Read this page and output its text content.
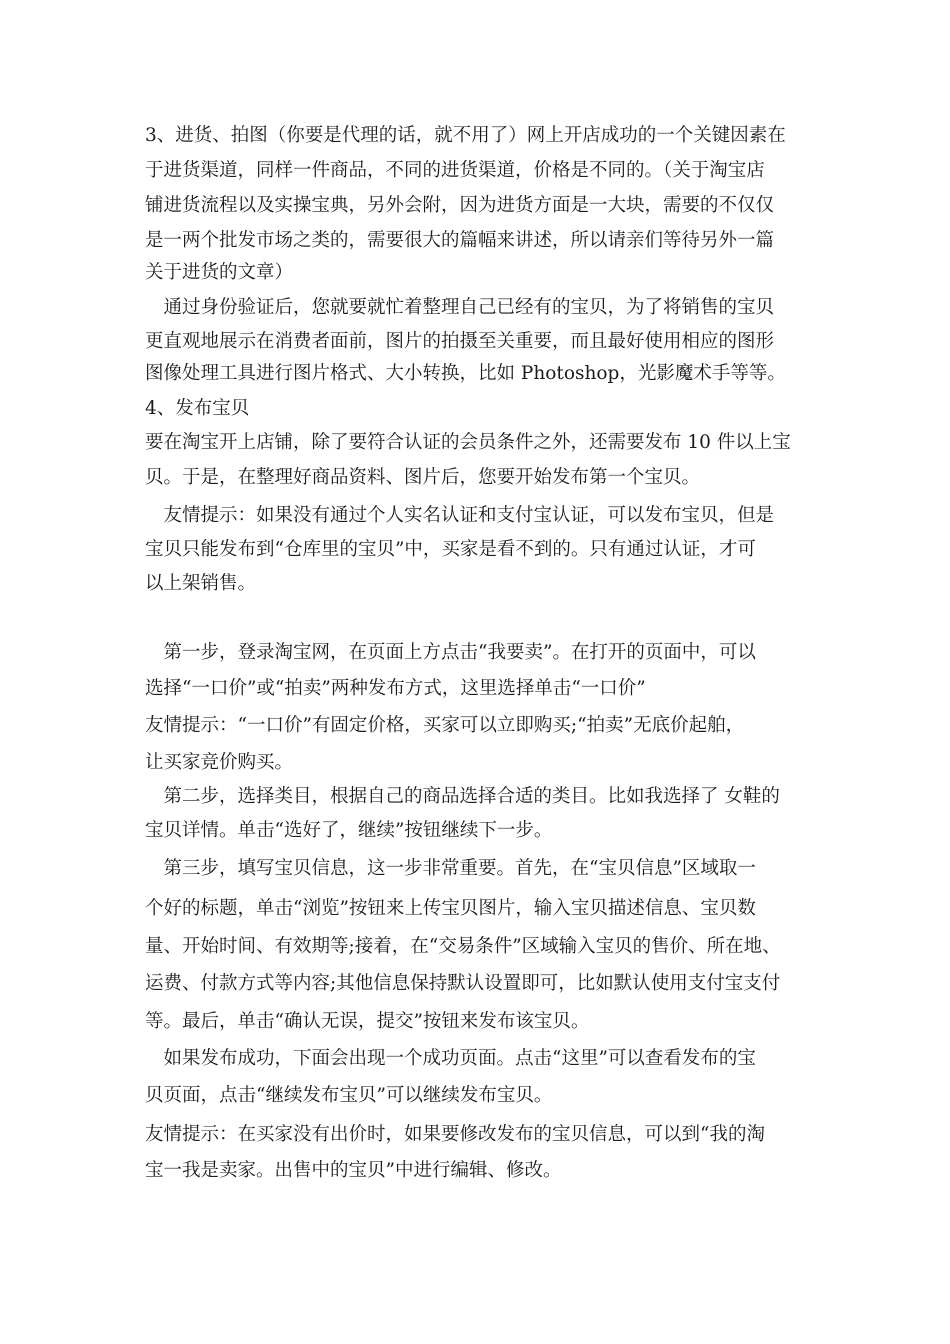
3、进货、拍图（你要是代理的话，就不用了）网上开店成功的一个关键因素在
于进货渠道，同样一件商品，不同的进货渠道，价格是不同的。（关于淘宝店
铺进货流程以及实操宝典，另外会附，因为进货方面是一大块，需要的不仅仅
是一两个批发市场之类的，需要很大的篇幅来讲述，所以请亲们等待另外一篇
关于进货的文章）
　通过身份验证后，您就要就忙着整理自己已经有的宝贝，为了将销售的宝贝
更直观地展示在消费者面前，图片的拍摄至关重要，而且最好使用相应的图形
图像处理工具进行图片格式、大小转换，比如 Photoshop，光影魔术手等等。
4、发布宝贝
要在淘宝开上店铺，除了要符合认证的会员条件之外，还需要发布 10 件以上宝
贝。于是，在整理好商品资料、图片后，您要开始发布第一个宝贝。
　友情提示：如果没有通过个人实名认证和支付宝认证，可以发布宝贝，但是
宝贝只能发布到“仓库里的宝贝”中，买家是看不到的。只有通过认证，才可
以上架销售。
　第一步，登录淘宝网，在页面上方点击“我要卖”。在打开的页面中，可以
选择“一口价”或“拍卖”两种发布方式，这里选择单击“一口价”
友情提示：“一口价”有固定价格，买家可以立即购买;“拍卖”无底价起舶，
让买家竞价购买。
　第二步，选择类目，根据自己的商品选择合适的类目。比如我选择了 女鞋的
宝贝详情。单击“选好了，继续”按钮继续下一步。
　第三步，填写宝贝信息，这一步非常重要。首先，在“宝贝信息”区域取一
个好的标题，单击“浏览”按钮来上传宝贝图片，输入宝贝描述信息、宝贝数
量、开始时间、有效期等;接着，在“交易条件”区域输入宝贝的售价、所在地、
运费、付款方式等内容;其他信息保持默认设置即可，比如默认使用支付宝支付
等。最后，单击“确认无误，提交”按钮来发布该宝贝。
　如果发布成功，下面会出现一个成功页面。点击“这里”可以查看发布的宝
贝页面，点击“继续发布宝贝”可以继续发布宝贝。
友情提示：在买家没有出价时，如果要修改发布的宝贝信息，可以到“我的淘
宝一我是卖家。出售中的宝贝”中进行编辑、修改。
